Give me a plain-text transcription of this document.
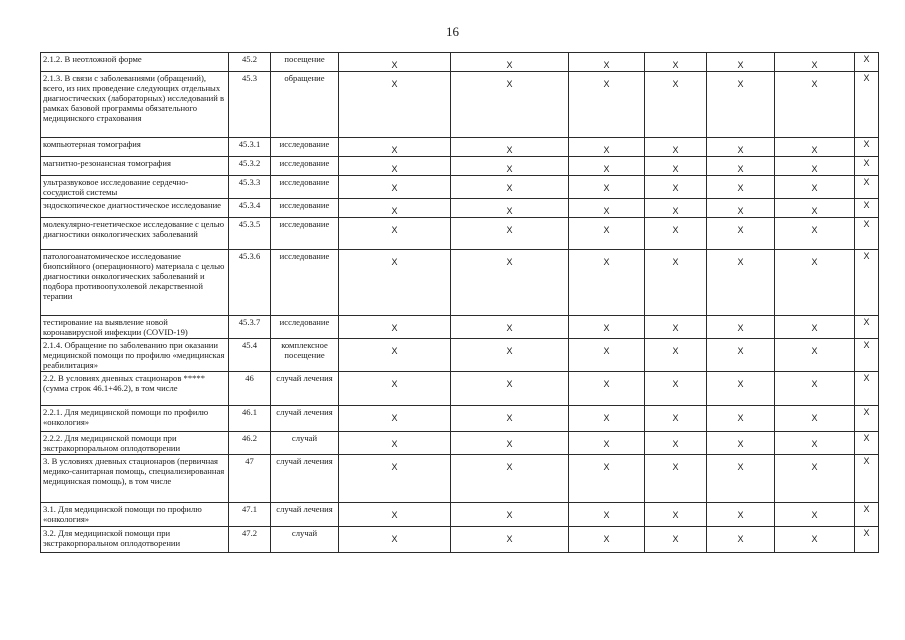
16
2.1.2. В неотложной форме	45.2	посещение	X	X	X	X	X	X	X
2.1.3. В связи с заболеваниями (обращений), всего, из них проведение следующих отдельных диагностических (лабораторных) исследований в рамках базовой программы обязательного медицинского страхования	45.3	обращение	X	X	X	X	X	X	X
компьютерная томография	45.3.1	исследование	X	X	X	X	X	X	X
магнитно-резонансная томография	45.3.2	исследование	X	X	X	X	X	X	X
ультразвуковое исследование сердечно-сосудистой системы	45.3.3	исследование	X	X	X	X	X	X	X
эндоскопическое диагностическое исследование	45.3.4	исследование	X	X	X	X	X	X	X
молекулярно-генетическое исследование с целью диагностики онкологических заболеваний	45.3.5	исследование	X	X	X	X	X	X	X
патологоанатомическое исследование биопсийного (операционного) материала с целью диагностики онкологических заболеваний и подбора противоопухолевой лекарственной терапии	45.3.6	исследование	X	X	X	X	X	X	X
тестирование на выявление новой коронавирусной инфекции (COVID-19)	45.3.7	исследование	X	X	X	X	X	X	X
2.1.4. Обращение по заболеванию при оказании медицинской помощи по профилю «медицинская реабилитация»	45.4	комплексное посещение	X	X	X	X	X	X	X
2.2. В условиях дневных стационаров *****(сумма строк 46.1+46.2), в том числе	46	случай лечения	X	X	X	X	X	X	X
2.2.1. Для медицинской помощи по профилю «онкология»	46.1	случай лечения	X	X	X	X	X	X	X
2.2.2. Для медицинской помощи при экстракорпоральном оплодотворении	46.2	случай	X	X	X	X	X	X	X
3. В условиях дневных стационаров (первичная медико-санитарная помощь, специализированная медицинская помощь), в том числе	47	случай лечения	X	X	X	X	X	X	X
3.1. Для медицинской помощи по профилю «онкология»	47.1	случай лечения	X	X	X	X	X	X	X
3.2. Для медицинской помощи при экстракорпоральном оплодотворении	47.2	случай	X	X	X	X	X	X	X
